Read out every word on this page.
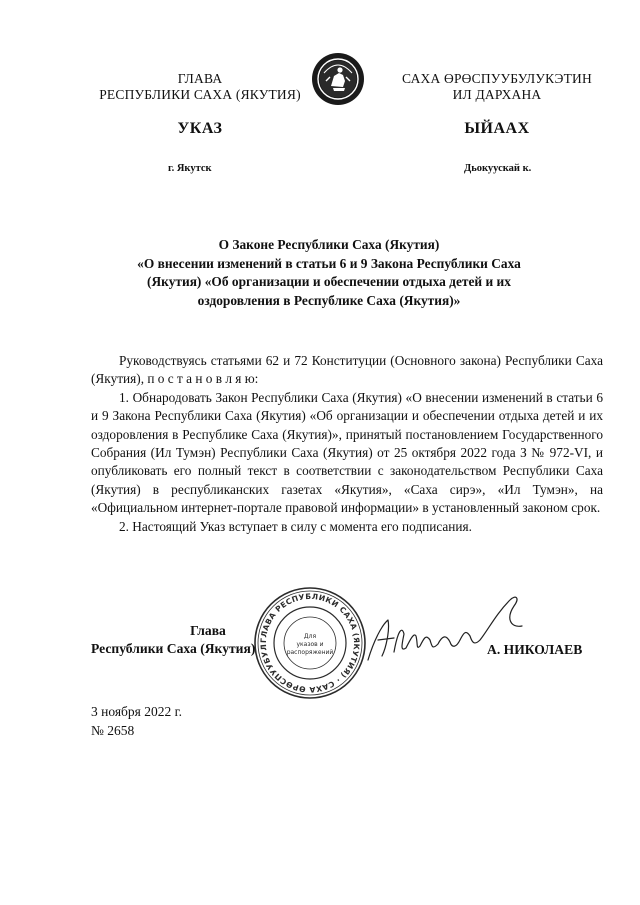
ГЛАВА
РЕСПУБЛИКИ САХА (ЯКУТИЯ)
САХА ӨРӨСПУУБУЛУКЭТИН
ИЛ ДАРХАНА
УКАЗ	ЫЙААХ
г. Якутск	Дьокуускай к.
О Законе Республики Саха (Якутия)
«О внесении изменений в статьи 6 и 9 Закона Республики Саха
(Якутия) «Об организации и обеспечении отдыха детей и их
оздоровления в Республике Саха (Якутия)»

Руководствуясь статьями 62 и 72 Конституции (Основного закона) Республики Саха (Якутия), п о с т а н о в л я ю:

1. Обнародовать Закон Республики Саха (Якутия) «О внесении изменений в статьи 6 и 9 Закона Республики Саха (Якутия) «Об организации и обеспечении отдыха детей и их оздоровления в Республике Саха (Якутия)», принятый постановлением Государственного Собрания (Ил Тумэн) Республики Саха (Якутия) от 25 октября 2022 года З № 972-VI, и опубликовать его полный текст в соответствии с законодательством Республики Саха (Якутия) в республиканских газетах «Якутия», «Саха сирэ», «Ил Тумэн», на «Официальном интернет-портале правовой информации» в установленный законом срок.

2. Настоящий Указ вступает в силу с момента его подписания.

Глава
Республики Саха (Якутия)
ГЛАВА РЕСПУБЛИКИ САХА (ЯКУТИЯ) · САХА ӨРӨСПУУБУЛ
Для
указов и
распоряжений	А. НИКОЛАЕВ
3 ноября 2022 г.
№ 2658
